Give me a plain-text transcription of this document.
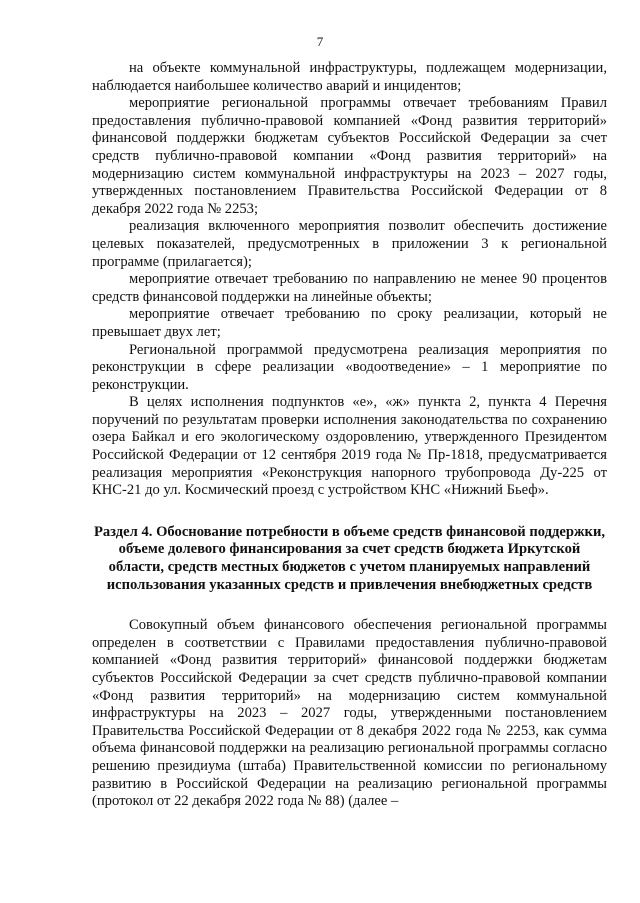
7

на объекте коммунальной инфраструктуры, подлежащем модернизации, наблюдается наибольшее количество аварий и инцидентов;

мероприятие региональной программы отвечает требованиям Правил предоставления публично-правовой компанией «Фонд развития территорий» финансовой поддержки бюджетам субъектов Российской Федерации за счет средств публично-правовой компании «Фонд развития территорий» на модернизацию систем коммунальной инфраструктуры на 2023 – 2027 годы, утвержденных постановлением Правительства Российской Федерации от 8 декабря 2022 года № 2253;

реализация включенного мероприятия позволит обеспечить достижение целевых показателей, предусмотренных в приложении 3 к региональной программе (прилагается);

мероприятие отвечает требованию по направлению не менее 90 процентов средств финансовой поддержки на линейные объекты;

мероприятие отвечает требованию по сроку реализации, который не превышает двух лет;

Региональной программой предусмотрена реализация мероприятия по реконструкции в сфере реализации «водоотведение» – 1 мероприятие по реконструкции.

В целях исполнения подпунктов «е», «ж» пункта 2, пункта 4 Перечня поручений по результатам проверки исполнения законодательства по сохранению озера Байкал и его экологическому оздоровлению, утвержденного Президентом Российской Федерации от 12 сентября 2019 года № Пр-1818, предусматривается реализация мероприятия «Реконструкция напорного трубопровода Ду-225 от КНС-21 до ул. Космический проезд с устройством КНС «Нижний Бьеф».

Раздел 4. Обоснование потребности в объеме средств финансовой поддержки, объеме долевого финансирования за счет средств бюджета Иркутской области, средств местных бюджетов с учетом планируемых направлений использования указанных средств и привлечения внебюджетных средств

Совокупный объем финансового обеспечения региональной программы определен в соответствии с Правилами предоставления публично-правовой компанией «Фонд развития территорий» финансовой поддержки бюджетам субъектов Российской Федерации за счет средств публично-правовой компании «Фонд развития территорий» на модернизацию систем коммунальной инфраструктуры на 2023 – 2027 годы, утвержденными постановлением Правительства Российской Федерации от 8 декабря 2022 года № 2253, как сумма объема финансовой поддержки на реализацию региональной программы согласно решению президиума (штаба) Правительственной комиссии по региональному развитию в Российской Федерации на реализацию региональной программы (протокол от 22 декабря 2022 года № 88) (далее –
